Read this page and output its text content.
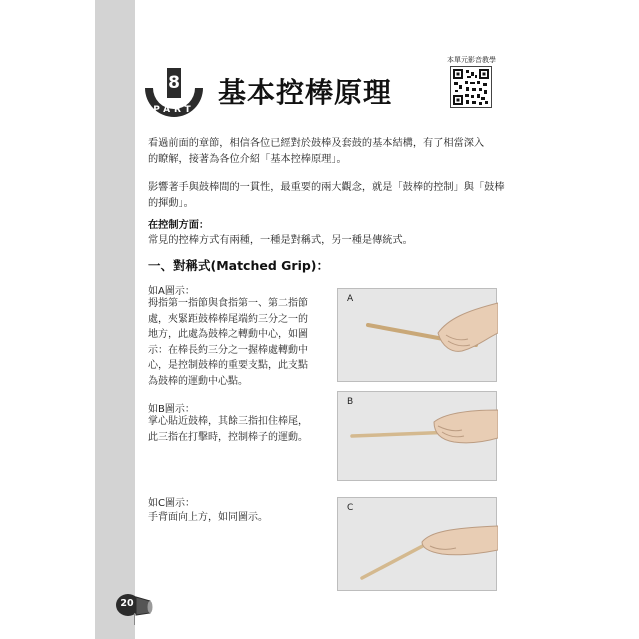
8
PART
基本控棒原理
本單元影音教學
看過前面的章節，相信各位已經對於鼓棒及套鼓的基本結構，有了相當深入
的瞭解，接著為各位介紹「基本控棒原理」。
影響著手與鼓棒間的一貫性，最重要的兩大觀念，就是「鼓棒的控制」與「鼓棒
的揮動」。
在控制方面：
常見的控棒方式有兩種，一種是對稱式，另一種是傳統式。
一、對稱式(Matched Grip)：
如A圖示：
拇指第一指節與食指第一、第二指節
處，夾緊距鼓棒棒尾端約三分之一的
地方，此處為鼓棒之轉動中心，如圖
示：在棒長約三分之一握棒處轉動中
心，是控制鼓棒的重要支點，此支點
為鼓棒的運動中心點。
如B圖示：
掌心貼近鼓棒，其餘三指扣住棒尾，
此三指在打擊時，控制棒子的運動。
如C圖示：
手背面向上方，如同圖示。
A
B
C
20
